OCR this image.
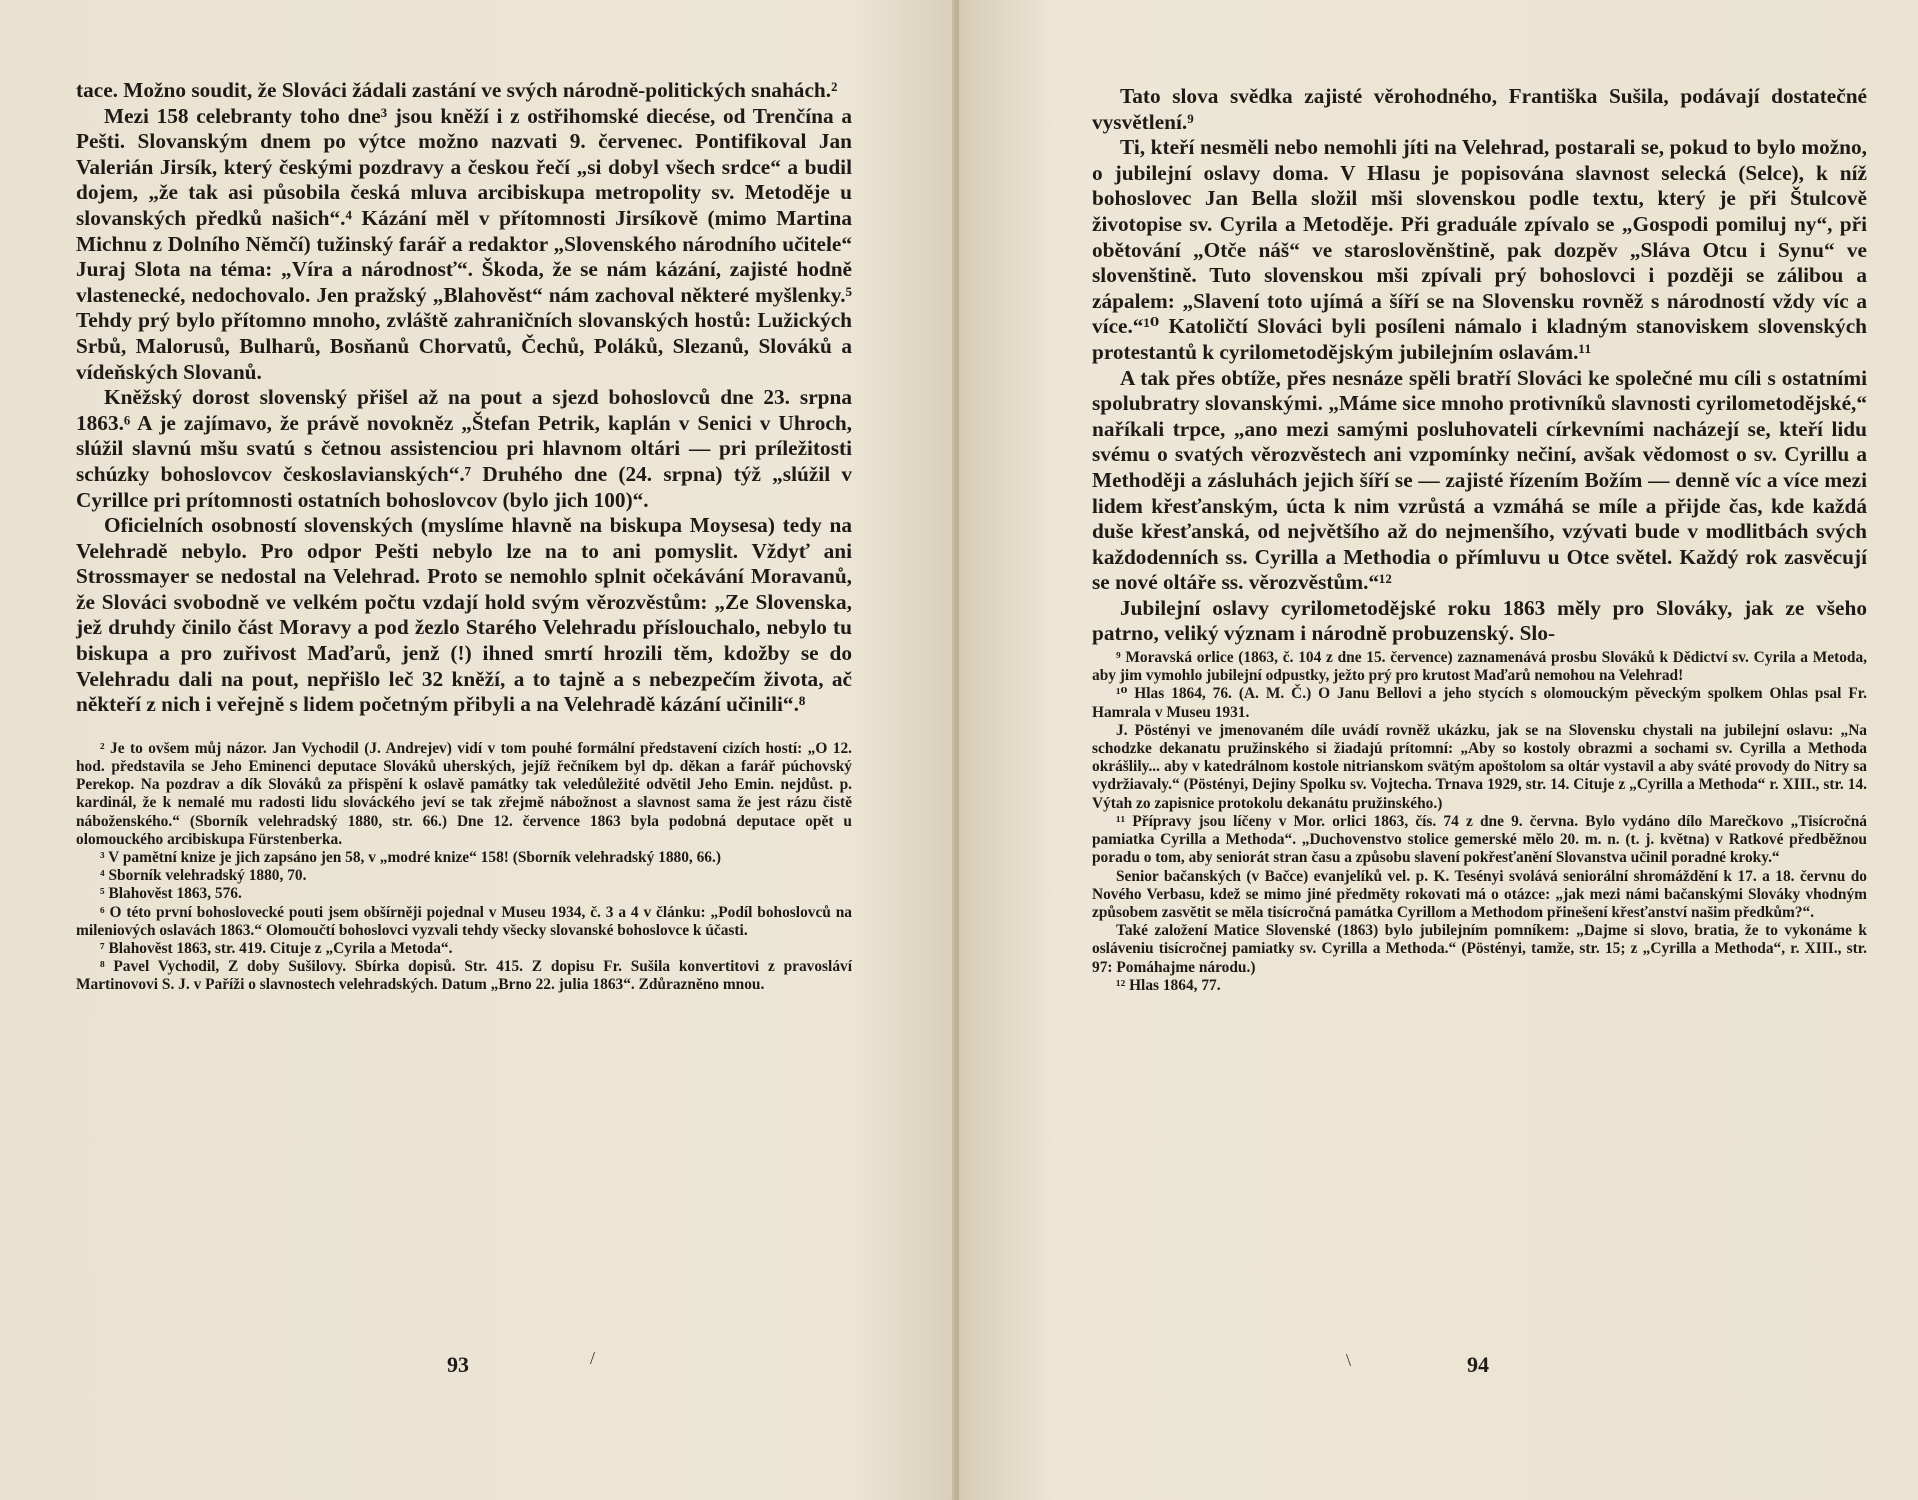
tace. Možno soudit, že Slováci žádali zastání ve svých národně-politických snahách.²

Mezi 158 celebranty toho dne³ jsou kněží i z ostřihomské diecése, od Trenčína a Pešti. Slovanským dnem po výtce možno nazvati 9. červenec. Pontifikoval Jan Valerián Jirsík, který českými pozdravy a českou řečí „si dobyl všech srdce“ a budil dojem, „že tak asi působila česká mluva arcibiskupa metropolity sv. Metoděje u slovanských předků našich“.⁴ Kázání měl v přítomnosti Jirsíkově (mimo Martina Michnu z Dolního Němčí) tužinský farář a redaktor „Slovenského národního učitele“ Juraj Slota na téma: „Víra a národnosť“. Škoda, že se nám kázání, zajisté hodně vlastenecké, nedochovalo. Jen pražský „Blahověst“ nám zachoval některé myšlenky.⁵ Tehdy prý bylo přítomno mnoho, zvláště zahraničních slovanských hostů: Lužických Srbů, Malorusů, Bulharů, Bosňanů Chorvatů, Čechů, Poláků, Slezanů, Slováků a vídeňských Slovanů.

Kněžský dorost slovenský přišel až na pout a sjezd bohoslovců dne 23. srpna 1863.⁶ A je zajímavo, že právě novokněz „Štefan Petrik, kaplán v Senici v Uhroch, slúžil slavnú mšu svatú s četnou assistenciou pri hlavnom oltári — pri príležitosti schúzky bohoslovcov českoslavianských“.⁷ Druhého dne (24. srpna) týž „slúžil v Cyrillce pri prítomnosti ostatních bohoslovcov (bylo jich 100)“.

Oficielních osobností slovenských (myslíme hlavně na biskupa Moysesa) tedy na Velehradě nebylo. Pro odpor Pešti nebylo lze na to ani pomyslit. Vždyť ani Strossmayer se nedostal na Velehrad. Proto se nemohlo splnit očekávání Moravanů, že Slováci svobodně ve velkém počtu vzdají hold svým věrozvěstům: „Ze Slovenska, jež druhdy činilo část Moravy a pod žezlo Starého Velehradu příslouchalo, nebylo tu biskupa a pro zuřivost Maďarů, jenž (!) ihned smrtí hrozili těm, kdožby se do Velehradu dali na pout, nepřišlo leč 32 kněží, a to tajně a s nebezpečím života, ač někteří z nich i veřejně s lidem početným přibyli a na Velehradě kázání učinili“.⁸

² Je to ovšem můj názor. Jan Vychodil (J. Andrejev) vidí v tom pouhé formální představení cizích hostí: „O 12. hod. představila se Jeho Eminenci deputace Slováků uherských, jejíž řečníkem byl dp. děkan a farář púchovský Perekop. Na pozdrav a dík Slováků za přispění k oslavě památky tak veledůležité odvětil Jeho Emin. nejdůst. p. kardinál, že k nemalé mu radosti lidu slováckého jeví se tak zřejmě nábožnost a slavnost sama že jest rázu čistě náboženského.“ (Sborník velehradský 1880, str. 66.) Dne 12. července 1863 byla podobná deputace opět u olomouckého arcibiskupa Fürstenberka.

³ V pamětní knize je jich zapsáno jen 58, v „modré knize“ 158! (Sborník velehradský 1880, 66.)

⁴ Sborník velehradský 1880, 70.

⁵ Blahověst 1863, 576.

⁶ O této první bohoslovecké pouti jsem obšírněji pojednal v Museu 1934, č. 3 a 4 v článku: „Podíl bohoslovců na mileniových oslavách 1863.“ Olomoučtí bohoslovci vyzvali tehdy všecky slovanské bohoslovce k účasti.

⁷ Blahověst 1863, str. 419. Cituje z „Cyrila a Metoda“.

⁸ Pavel Vychodil, Z doby Sušilovy. Sbírka dopisů. Str. 415. Z dopisu Fr. Sušila konvertitovi z pravosláví Martinovovi S. J. v Paříži o slavnostech velehradských. Datum „Brno 22. julia 1863“. Zdůrazněno mnou.

93	/

Tato slova svědka zajisté věrohodného, Františka Sušila, podávají dostatečné vysvětlení.⁹

Ti, kteří nesměli nebo nemohli jíti na Velehrad, postarali se, pokud to bylo možno, o jubilejní oslavy doma. V Hlasu je popisována slavnost selecká (Selce), k níž bohoslovec Jan Bella složil mši slovenskou podle textu, který je při Štulcově životopise sv. Cyrila a Metoděje. Při graduále zpívalo se „Gospodi pomiluj ny“, při obětování „Otče náš“ ve staroslověnštině, pak dozpěv „Sláva Otcu i Synu“ ve slovenštině. Tuto slovenskou mši zpívali prý bohoslovci i později se zálibou a zápalem: „Slavení toto ujímá a šíří se na Slovensku rovněž s národností vždy víc a více.“¹⁰ Katoličtí Slováci byli posíleni námalo i kladným stanoviskem slovenských protestantů k cyrilometodějským jubilejním oslavám.¹¹

A tak přes obtíže, přes nesnáze spěli bratří Slováci ke společné mu cíli s ostatními spolubratry slovanskými. „Máme sice mnoho protivníků slavnosti cyrilometodějské,“ naříkali trpce, „ano mezi samými posluhovateli církevními nacházejí se, kteří lidu svému o svatých věrozvěstech ani vzpomínky nečiní, avšak vědomost o sv. Cyrillu a Methoději a zásluhách jejich šíří se — zajisté řízením Božím — denně víc a více mezi lidem křesťanským, úcta k nim vzrůstá a vzmáhá se míle a přijde čas, kde každá duše křesťanská, od největšího až do nejmenšího, vzývati bude v modlitbách svých každodenních ss. Cyrilla a Methodia o přímluvu u Otce světel. Každý rok zasvěcují se nové oltáře ss. věrozvěstům.“¹²

Jubilejní oslavy cyrilometodějské roku 1863 měly pro Slováky, jak ze všeho patrno, veliký význam i národně probuzenský. Slo-

⁹ Moravská orlice (1863, č. 104 z dne 15. července) zaznamenává prosbu Slováků k Dědictví sv. Cyrila a Metoda, aby jim vymohlo jubilejní odpustky, ježto prý pro krutost Maďarů nemohou na Velehrad!

¹⁰ Hlas 1864, 76. (A. M. Č.) O Janu Bellovi a jeho stycích s olomouckým pěveckým spolkem Ohlas psal Fr. Hamrala v Museu 1931.

J. Pöstényi ve jmenovaném díle uvádí rovněž ukázku, jak se na Slovensku chystali na jubilejní oslavu: „Na schodzke dekanatu pružinského si žiadajú prítomní: „Aby so kostoly obrazmi a sochami sv. Cyrilla a Methoda okrášlily... aby v katedrálnom kostole nitrianskom svätým apoštolom sa oltár vystavil a aby sváté provody do Nitry sa vydržiavaly.“ (Pöstényi, Dejiny Spolku sv. Vojtecha. Trnava 1929, str. 14. Cituje z „Cyrilla a Methoda“ r. XIII., str. 14. Výtah zo zapisnice protokolu dekanátu pružinského.)

¹¹ Přípravy jsou líčeny v Mor. orlici 1863, čís. 74 z dne 9. června. Bylo vydáno dílo Marečkovo „Tisícročná pamiatka Cyrilla a Methoda“. „Duchovenstvo stolice gemerské mělo 20. m. n. (t. j. května) v Ratkové předběžnou poradu o tom, aby seniorát stran času a způsobu slavení pokřesťanění Slovanstva učinil poradné kroky.“

Senior bačanských (v Bačce) evanjelíků vel. p. K. Tesényi svolává seniorální shromáždění k 17. a 18. červnu do Nového Verbasu, kdež se mimo jiné předměty rokovati má o otázce: „jak mezi námi bačanskými Slováky vhodným způsobem zasvětit se měla tisícročná památka Cyrillom a Methodom přinešení křesťanství našim předkům?“.

Také založení Matice Slovenské (1863) bylo jubilejním pomníkem: „Dajme si slovo, bratia, že to vykonáme k osláveniu tisícročnej pamiatky sv. Cyrilla a Methoda.“ (Pöstényi, tamže, str. 15; z „Cyrilla a Methoda“, r. XIII., str. 97: Pomáhajme národu.)

¹² Hlas 1864, 77.

94
\
